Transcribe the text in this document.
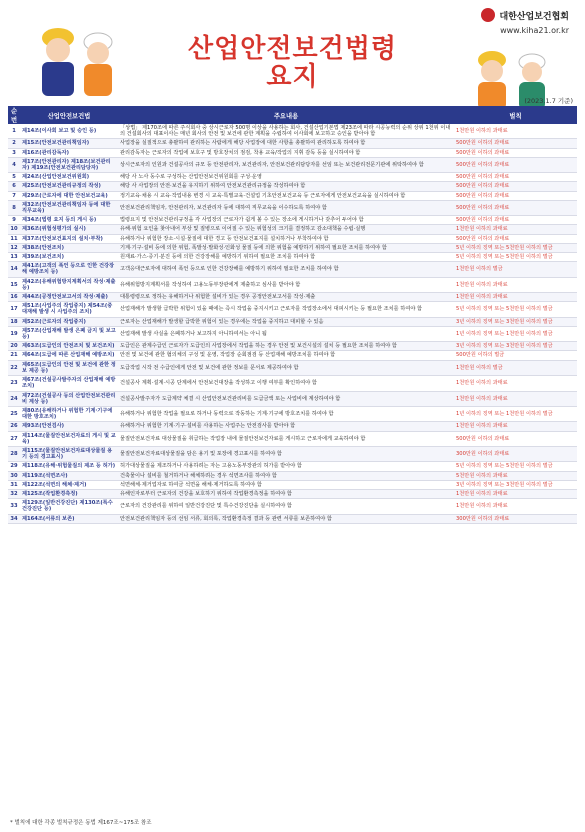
대한산업보건협회
www.kiha21.or.kr
산업안전보건법령
요지
(2023.1.7 기준)
순번	산업안전보건법	주요내용	벌칙
1	제14조(이사회 보고 및 승인 등)	「상법」 제170조에 따른 주식회사 중 상시근로자 500명 이상을 사용하는 회사, 건설산업기본법 제23조에 따라 시공능력의 순위 상위 1천위 이내의 건설회사의 대표이사는 매년 회사의 안전 및 보건에 관한 계획을 수립하여 이사회에 보고하고 승인을 받아야 함	1천만원 이하의 과태료
2	제15조(안전보건관리책임자)	사업장을 실질적으로 총괄하여 관리하는 사람에게 해당 사업장에 대한 사항을 총괄하여 관리하도록 하여야 함	500만원 이하의 과태료
3	제16조(관리감독자)	관리감독자는 근로자의 작업에 보호구 및 방호장치의 점검, 착용 교육/작업의 지휘 감독 등을 실시하여야 함	500만원 이하의 과태료
4	제17조(안전관리자) 제18조(보건관리자) 제19조(안전보건관리담당자)	상시근로자의 인원과 건설공사의 규모 등 안전관리자, 보건관리자, 안전보건관리담당자를 선임 또는 보건관리전문기관에 위탁하여야 함	500만원 이하의 과태료
5	제24조(산업안전보건위원회)	해당 사 노사 동수로 구성하는 산업안전보건위원회를 구성·운영	500만원 이하의 과태료
6	제25조(안전보건관리규정의 작성)	해당 사 사업장의 안전·보건을 유지하기 위하여 안전보건관리규정을 작성하여야 함	500만원 이하의 과태료
7	제29조(근로자에 대한 안전보건교육)	정기교육·채용 시 교육·작업내용 변경 시 교육·특별교육·건설업 기초안전보건교육 등 근로자에게 안전보건교육을 실시하여야 함	500만원 이하의 과태료
8	제32조(안전보건관리책임자 등에 대한 직무교육)	안전보건관리책임자, 안전관리자, 보건관리자 등에 대하여 직무교육을 이수하도록 하여야 함	500만원 이하의 과태료
9	제34조(법령 요지 등의 게시 등)	법령요지 및 안전보건관리규정을 각 사업장의 근로자가 쉽게 볼 수 있는 장소에 게시하거나 갖추어 두어야 함	500만원 이하의 과태료
10	제36조(위험성평가의 실시)	유해·위험 요인을 찾아내어 부상 및 질병으로 이어질 수 있는 위험성의 크기를 결정하고 감소대책을 수립·실행	1천만원 이하의 과태료
11	제37조(안전보건표지의 설치·부착)	유해하거나 위험한 장소·시설·물질에 대한 경고 등 안전보건표지를 설치하거나 부착하여야 함	500만원 이하의 과태료
12	제38조(안전조치)	기계·기구·설비 등에 의한 위험, 폭발성·발화성·인화성 물질 등에 의한 위험을 예방하기 위하여 필요한 조치를 하여야 함	5년 이하의 징역 또는 5천만원 이하의 벌금
13	제39조(보건조치)	원재료·가스·증기·분진 등에 의한 건강장해를 예방하기 위하여 필요한 조치를 하여야 함	5년 이하의 징역 또는 5천만원 이하의 벌금
14	제41조(고객의 폭언 등으로 인한 건강장해 예방조치 등)	고객응대근로자에 대하여 폭언 등으로 인한 건강장해를 예방하기 위하여 필요한 조치를 하여야 함	1천만원 이하의 벌금
15	제42조(유해위험방지계획서의 작성·제출 등)	유해위험방지계획서를 작성하여 고용노동부장관에게 제출하고 심사를 받아야 함	1천만원 이하의 과태료
16	제44조(공정안전보고서의 작성·제출)	대통령령으로 정하는 유해하거나 위험한 설비가 있는 경우 공정안전보고서를 작성·제출	1천만원 이하의 과태료
17	제51조(사업주의 작업중지) 제54조(중대재해 발생 시 사업주의 조치)	산업재해가 발생할 급박한 위험이 있을 때에는 즉시 작업을 중지시키고 근로자를 작업장소에서 대피시키는 등 필요한 조치를 하여야 함	5년 이하의 징역 또는 5천만원 이하의 벌금
18	제52조(근로자의 작업중지)	근로자는 산업재해가 발생할 급박한 위험이 있는 경우에는 작업을 중지하고 대피할 수 있음	3년 이하의 징역 또는 3천만원 이하의 벌금
19	제57조(산업재해 발생 은폐 금지 및 보고 등)	산업재해 발생 사실을 은폐하거나 보고하지 아니하여서는 아니 됨	1년 이하의 징역 또는 1천만원 이하의 벌금
20	제63조(도급인의 안전조치 및 보건조치)	도급인은 관계수급인 근로자가 도급인의 사업장에서 작업을 하는 경우 안전 및 보건시설의 설치 등 필요한 조치를 하여야 함	3년 이하의 징역 또는 3천만원 이하의 벌금
21	제64조(도급에 따른 산업재해 예방조치)	안전 및 보건에 관한 협의체의 구성 및 운영, 작업장 순회점검 등 산업재해 예방조치를 하여야 함	500만원 이하의 벌금
22	제65조(도급인의 안전 및 보건에 관한 정보 제공 등)	도급작업 시작 전 수급인에게 안전 및 보건에 관한 정보를 문서로 제공하여야 함	1천만원 이하의 벌금
23	제67조(건설공사발주자의 산업재해 예방 조치)	건설공사 계획·설계·시공 단계에서 안전보건대장을 작성하고 이행 여부를 확인하여야 함	1천만원 이하의 과태료
24	제72조(건설공사 등의 산업안전보건관리비 계상 등)	건설공사발주자가 도급계약 체결 시 산업안전보건관리비를 도급금액 또는 사업비에 계상하여야 함	1천만원 이하의 과태료
25	제80조(유해하거나 위험한 기계·기구에 대한 방호조치)	유해하거나 위험한 작업을 필요로 하거나 동력으로 작동하는 기계·기구에 방호조치를 하여야 함	1년 이하의 징역 또는 1천만원 이하의 벌금
26	제93조(안전검사)	유해하거나 위험한 기계·기구·설비를 사용하는 사업주는 안전검사를 받아야 함	1천만원 이하의 과태료
27	제114조(물질안전보건자료의 게시 및 교육)	물질안전보건자료 대상물질을 취급하는 작업장 내에 물질안전보건자료를 게시하고 근로자에게 교육하여야 함	500만원 이하의 과태료
28	제115조(물질안전보건자료대상물질 용기 등의 경고표시)	물질안전보건자료대상물질을 담은 용기 및 포장에 경고표시를 하여야 함	300만원 이하의 과태료
29	제118조(유해·위험물질의 제조 등 허가)	허가대상물질을 제조하거나 사용하려는 자는 고용노동부장관의 허가를 받아야 함	5년 이하의 징역 또는 5천만원 이하의 벌금
30	제119조(석면조사)	건축물이나 설비를 철거하거나 해체하려는 경우 석면조사를 하여야 함	5천만원 이하의 과태료
31	제122조(석면의 해체·제거)	석면해체·제거업자로 하여금 석면을 해체·제거하도록 하여야 함	3년 이하의 징역 또는 3천만원 이하의 벌금
32	제125조(작업환경측정)	유해인자로부터 근로자의 건강을 보호하기 위하여 작업환경측정을 하여야 함	1천만원 이하의 과태료
33	제129조(일반건강진단) 제130조(특수건강진단 등)	근로자의 건강관리를 위하여 일반건강진단 및 특수건강진단을 실시하여야 함	1천만원 이하의 과태료
34	제164조(서류의 보존)	안전보건관리책임자 등의 선임 서류, 회의록, 작업환경측정 결과 등 관련 서류를 보존하여야 함	300만원 이하의 과태료
* 벌칙에 대한 각종 벌칙규정은 동법 제167조~175조 참조
